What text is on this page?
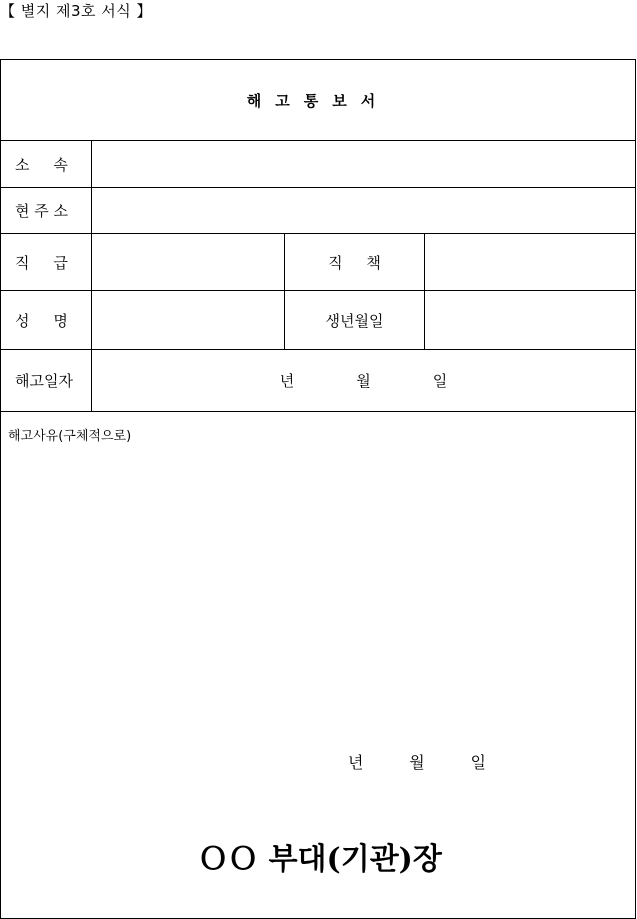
【 별지 제3호 서식 】
해고통보서			
소     속			
현 주 소			
직     급		직     책	
성     명		생년월일	
해고일자	년             월             일		

해고사유(구체적으로)
년         월         일
ＯＯ 부대(기관)장			
